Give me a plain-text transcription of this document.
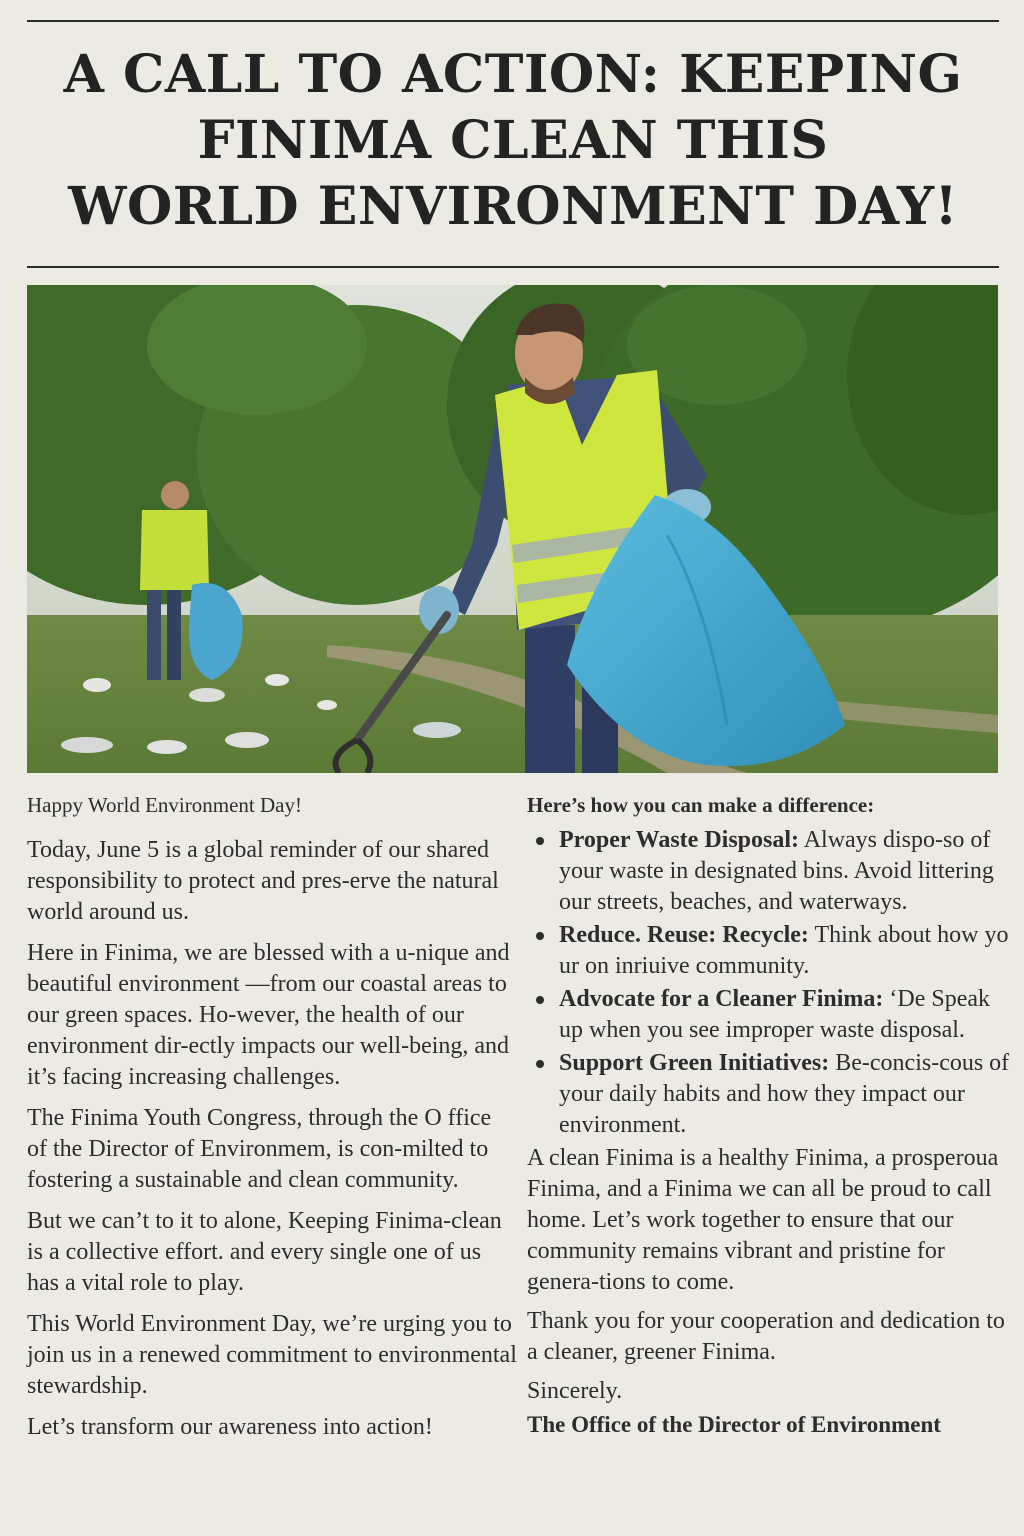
A CALL TO ACTION: KEEPING
FINIMA CLEAN THIS
WORLD ENVIRONMENT DAY!

Happy World Environment Day!

Today, June 5 is a global reminder of our shared responsibility to protect and pres-erve the natural world around us.

Here in Finima, we are blessed with a u-nique and beautiful environment —from our coastal areas to our green spaces. Ho-wever, the health of our environment dir-ectly impacts our well-being, and it’s facing increasing challenges.

The Finima Youth Congress, through the O ffice of the Director of Environmem, is con-milted to fostering a sustainable and clean community.

But we can’t to it to alone, Keeping Finima-clean is a collective effort. and every single one of us has a vital role to play.

This World Environment Day, we’re urging you to join us in a renewed commitment to environmental stewardship.

Let’s transform our awareness into action!

Here’s how you can make a difference:
Proper Waste Disposal: Always dispo-so of your waste in designated bins. Avoid littering our streets, beaches, and waterways.
Reduce. Reuse: Recycle: Think about how yo ur on inriuive community.
Advocate for a Cleaner Finima: ‘De Speak up when you see improper waste disposal.
Support Green Initiatives: Be-concis-cous of your daily habits and how they impact our environment.

A clean Finima is a healthy Finima, a prosperoua Finima, and a Finima we can all be proud to call home. Let’s work together to ensure that our community remains vibrant and pristine for genera-tions to come.

Thank you for your cooperation and dedication to a cleaner, greener Finima.

Sincerely.

The Office of the Director of Environment
